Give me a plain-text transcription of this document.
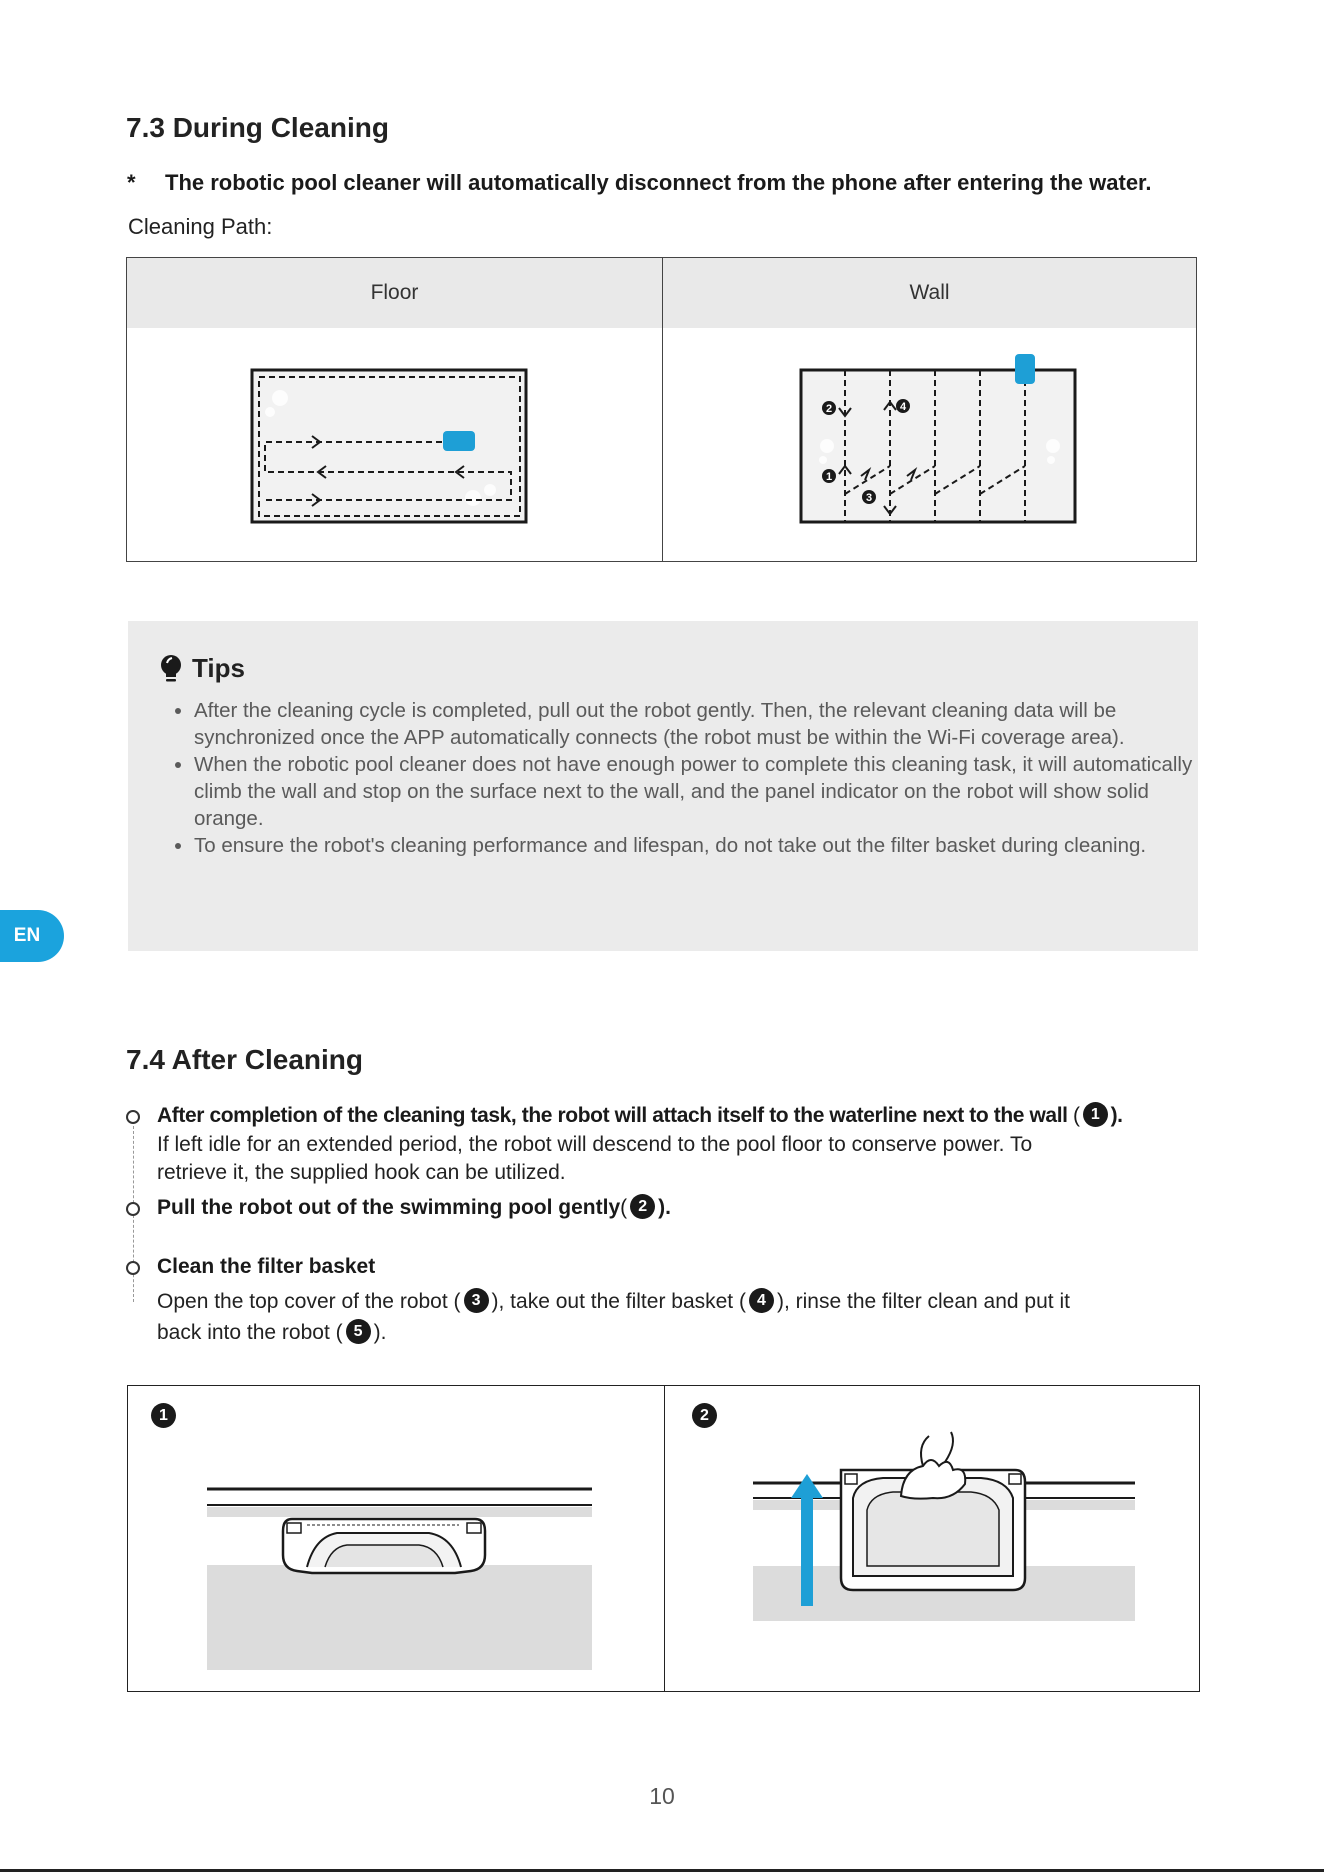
7.3 During Cleaning
* The robotic pool cleaner will automatically disconnect from the phone after entering the water.
Cleaning Path:
Floor	Wall
2	4
1
3
Tips
• After the cleaning cycle is completed, pull out the robot gently. Then, the relevant cleaning data will be synchronized once the APP automatically connects (the robot must be within the Wi-Fi coverage area).
• When the robotic pool cleaner does not have enough power to complete this cleaning task, it will automatically climb the wall and stop on the surface next to the wall, and the panel indicator on the robot will show solid orange.
• To ensure the robot's cleaning performance and lifespan, do not take out the filter basket during cleaning.
EN
7.4 After Cleaning
After completion of the cleaning task, the robot will attach itself to the waterline next to the wall ( 1 ).
If left idle for an extended period, the robot will descend to the pool floor to conserve power. To
retrieve it, the supplied hook can be utilized.
Pull the robot out of the swimming pool gently( 2 ).
Clean the filter basket
Open the top cover of the robot ( 3 ), take out the filter basket ( 4 ), rinse the filter clean and put it
back into the robot ( 5 ).
1	2
10
